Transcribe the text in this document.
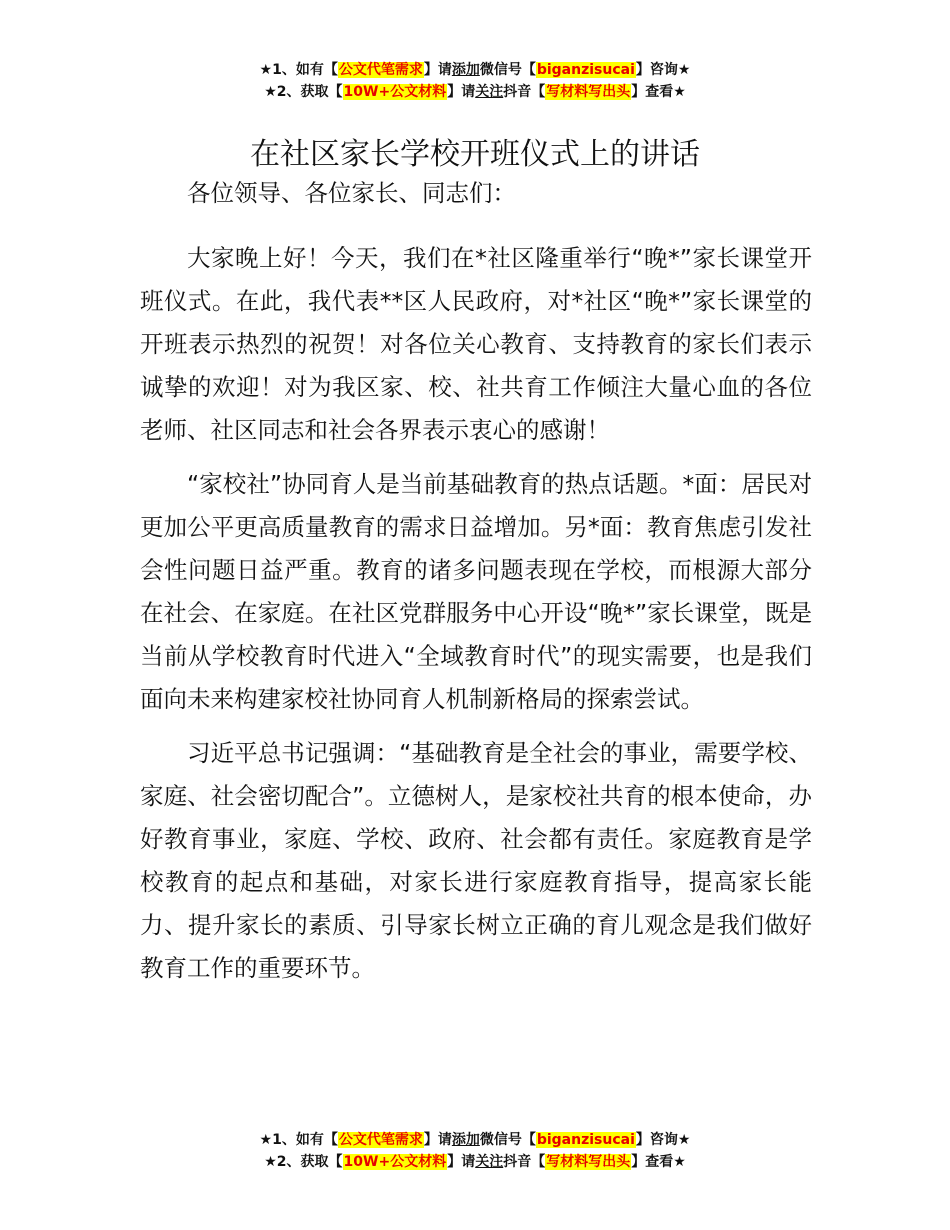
★1、如有【公文代笔需求】请添加微信号【biganzisucai】咨询★
★2、获取【10W+公文材料】请关注抖音【写材料写出头】查看★
在社区家长学校开班仪式上的讲话

各位领导、各位家长、同志们：

大家晚上好！今天，我们在*社区隆重举行“晚*”家长课堂开班仪式。在此，我代表**区人民政府，对*社区“晚*”家长课堂的开班表示热烈的祝贺！对各位关心教育、支持教育的家长们表示诚挚的欢迎！对为我区家、校、社共育工作倾注大量心血的各位老师、社区同志和社会各界表示衷心的感谢！

“家校社”协同育人是当前基础教育的热点话题。*面：居民对更加公平更高质量教育的需求日益增加。另*面：教育焦虑引发社会性问题日益严重。教育的诸多问题表现在学校，而根源大部分在社会、在家庭。在社区党群服务中心开设“晚*”家长课堂，既是当前从学校教育时代进入“全域教育时代”的现实需要，也是我们面向未来构建家校社协同育人机制新格局的探索尝试。

习近平总书记强调：“基础教育是全社会的事业，需要学校、家庭、社会密切配合”。立德树人，是家校社共育的根本使命，办好教育事业，家庭、学校、政府、社会都有责任。家庭教育是学校教育的起点和基础，对家长进行家庭教育指导，提高家长能力、提升家长的素质、引导家长树立正确的育儿观念是我们做好教育工作的重要环节。

★1、如有【公文代笔需求】请添加微信号【biganzisucai】咨询★
★2、获取【10W+公文材料】请关注抖音【写材料写出头】查看★
